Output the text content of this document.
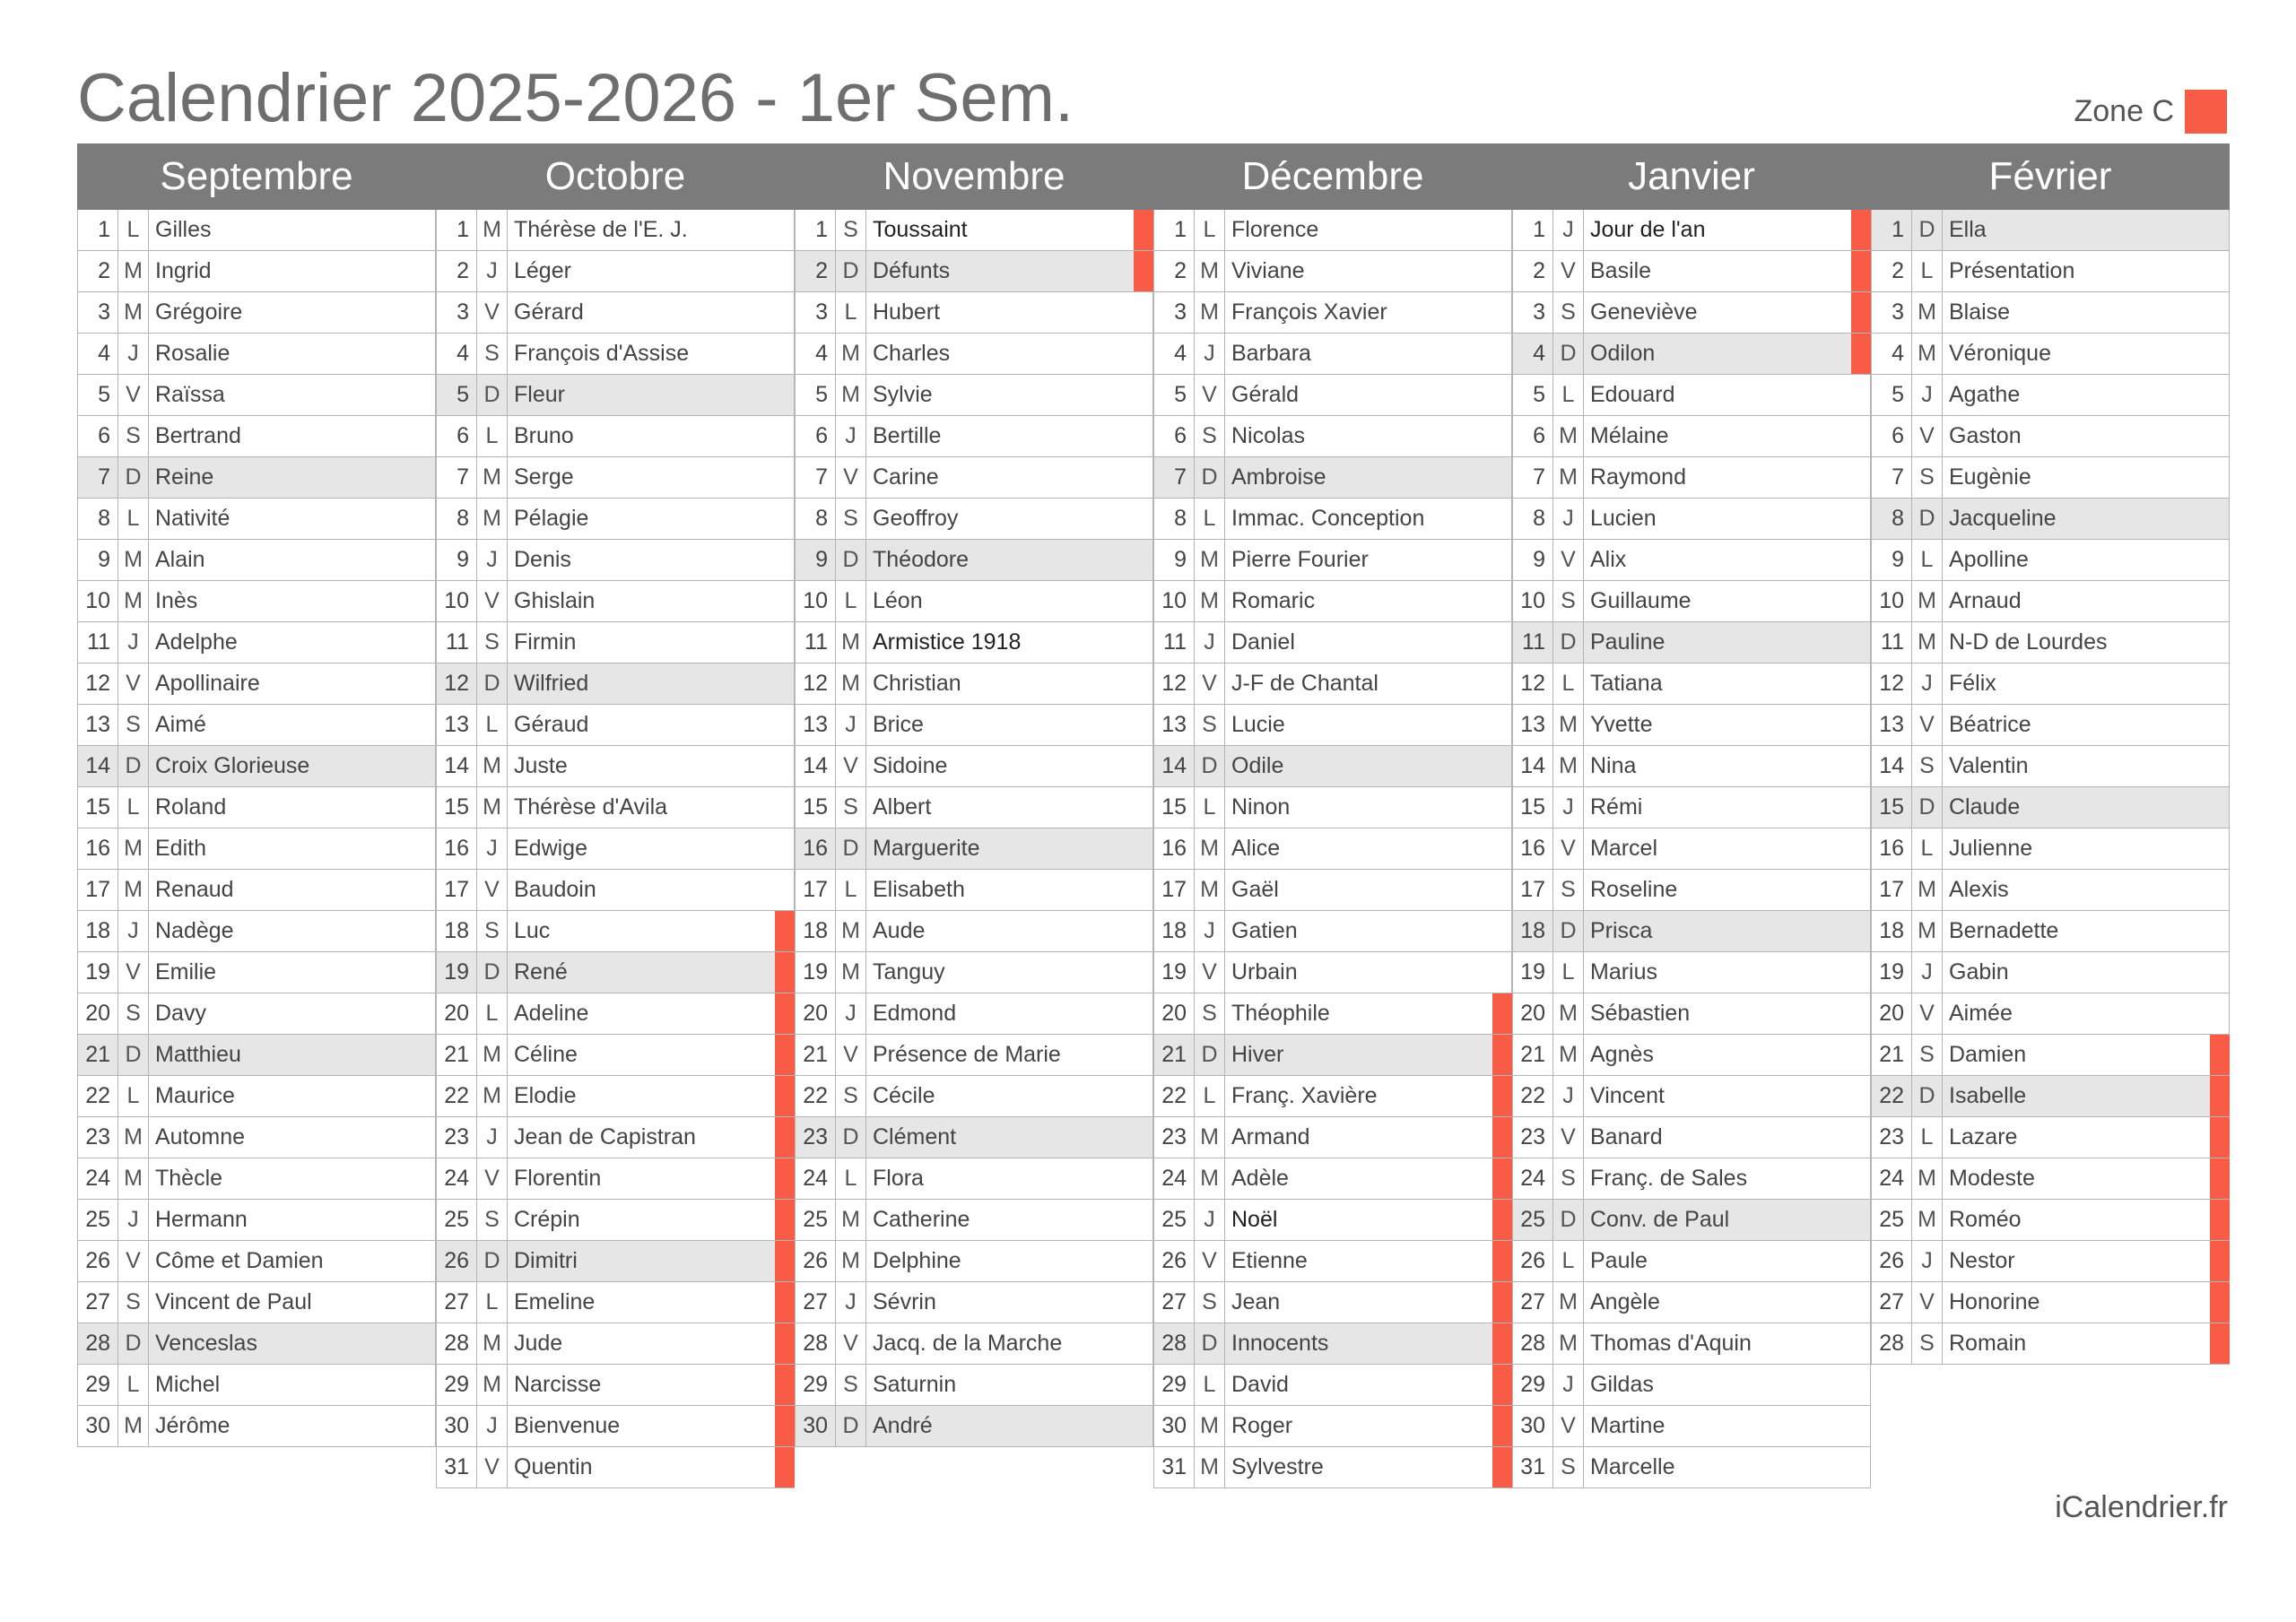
Calendrier 2025-2026 - 1er Sem.	Zone C
Septembre
1 L Gilles
2 M Ingrid
3 M Grégoire
4 J Rosalie
5 V Raïssa
6 S Bertrand
7 D Reine
8 L Nativité
9 M Alain
10 M Inès
11 J Adelphe
12 V Apollinaire
13 S Aimé
14 D Croix Glorieuse
15 L Roland
16 M Edith
17 M Renaud
18 J Nadège
19 V Emilie
20 S Davy
21 D Matthieu
22 L Maurice
23 M Automne
24 M Thècle
25 J Hermann
26 V Côme et Damien
27 S Vincent de Paul
28 D Venceslas
29 L Michel
30 M Jérôme
Octobre
1 M Thérèse de l'E. J.
2 J Léger
3 V Gérard
4 S François d'Assise
5 D Fleur
6 L Bruno
7 M Serge
8 M Pélagie
9 J Denis
10 V Ghislain
11 S Firmin
12 D Wilfried
13 L Géraud
14 M Juste
15 M Thérèse d'Avila
16 J Edwige
17 V Baudoin
18 S Luc
19 D René
20 L Adeline
21 M Céline
22 M Elodie
23 J Jean de Capistran
24 V Florentin
25 S Crépin
26 D Dimitri
27 L Emeline
28 M Jude
29 M Narcisse
30 J Bienvenue
31 V Quentin
Novembre
1 S Toussaint
2 D Défunts
3 L Hubert
4 M Charles
5 M Sylvie
6 J Bertille
7 V Carine
8 S Geoffroy
9 D Théodore
10 L Léon
11 M Armistice 1918
12 M Christian
13 J Brice
14 V Sidoine
15 S Albert
16 D Marguerite
17 L Elisabeth
18 M Aude
19 M Tanguy
20 J Edmond
21 V Présence de Marie
22 S Cécile
23 D Clément
24 L Flora
25 M Catherine
26 M Delphine
27 J Sévrin
28 V Jacq. de la Marche
29 S Saturnin
30 D André
Décembre
1 L Florence
2 M Viviane
3 M François Xavier
4 J Barbara
5 V Gérald
6 S Nicolas
7 D Ambroise
8 L Immac. Conception
9 M Pierre Fourier
10 M Romaric
11 J Daniel
12 V J-F de Chantal
13 S Lucie
14 D Odile
15 L Ninon
16 M Alice
17 M Gaël
18 J Gatien
19 V Urbain
20 S Théophile
21 D Hiver
22 L Franç. Xavière
23 M Armand
24 M Adèle
25 J Noël
26 V Etienne
27 S Jean
28 D Innocents
29 L David
30 M Roger
31 M Sylvestre
Janvier
1 J Jour de l'an
2 V Basile
3 S Geneviève
4 D Odilon
5 L Edouard
6 M Mélaine
7 M Raymond
8 J Lucien
9 V Alix
10 S Guillaume
11 D Pauline
12 L Tatiana
13 M Yvette
14 M Nina
15 J Rémi
16 V Marcel
17 S Roseline
18 D Prisca
19 L Marius
20 M Sébastien
21 M Agnès
22 J Vincent
23 V Banard
24 S Franç. de Sales
25 D Conv. de Paul
26 L Paule
27 M Angèle
28 M Thomas d'Aquin
29 J Gildas
30 V Martine
31 S Marcelle
Février
1 D Ella
2 L Présentation
3 M Blaise
4 M Véronique
5 J Agathe
6 V Gaston
7 S Eugènie
8 D Jacqueline
9 L Apolline
10 M Arnaud
11 M N-D de Lourdes
12 J Félix
13 V Béatrice
14 S Valentin
15 D Claude
16 L Julienne
17 M Alexis
18 M Bernadette
19 J Gabin
20 V Aimée
21 S Damien
22 D Isabelle
23 L Lazare
24 M Modeste
25 M Roméo
26 J Nestor
27 V Honorine
28 S Romain
iCalendrier.fr
